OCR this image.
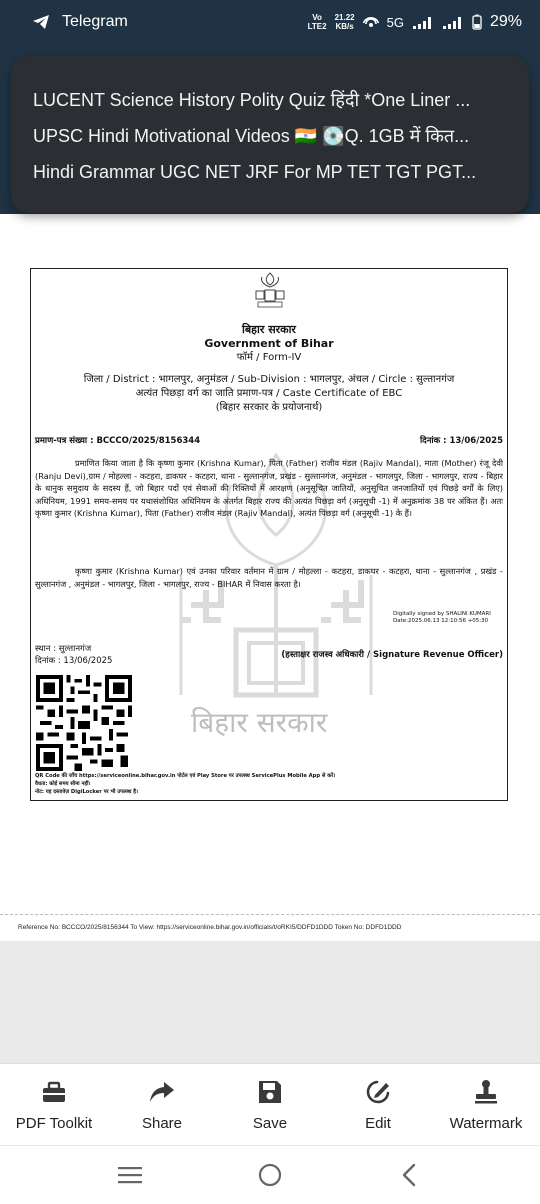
Telegram	Vo
LTE2
21.22
KB/s	5G	29%
LUCENT Science History Polity Quiz हिंदी *One Liner ...
UPSC Hindi Motivational Videos 🇮🇳 💽Q. 1GB में कित...
Hindi Grammar UGC NET JRF For MP TET TGT PGT...
बिहार सरकार
Government of Bihar
फॉर्म / Form-IV
जिला / District : भागलपुर, अनुमंडल / Sub-Division : भागलपुर, अंचल / Circle : सुल्तानगंज
अत्यंत पिछड़ा वर्ग का जाति प्रमाण-पत्र / Caste Certificate of EBC
(बिहार सरकार के प्रयोजनार्थ)
प्रमाण-पत्र संख्या : BCCCO/2025/8156344	दिनांक : 13/06/2025
बिहार सरकार
प्रमाणित किया जाता है कि कृष्णा कुमार (Krishna Kumar), पिता (Father) राजीव मंडल (Rajiv Mandal), माता (Mother) रंजू देवी (Ranju Devi),ग्राम / मोहल्ला - कटहरा, डाकघर - कटहरा, थाना - सुल्तानगंज, प्रखंड - सुल्तानगंज, अनुमंडल - भागलपुर, जिला - भागलपुर, राज्य - बिहार के धानुक समुदाय के सदस्य हैं, जो बिहार पदों एवं सेवाओं की रिक्तियों में आरक्षण (अनुसूचित जातियों, अनुसूचित जनजातियों एवं पिछड़े वर्गों के लिए) अधिनियम, 1991 समय-समय पर यथासंशोधित अधिनियम के अंतर्गत बिहार राज्य की अत्यंत पिछड़ा वर्ग (अनुसूची -1) में अनुक्रमांक 38 पर अंकित हैं। अतः कृष्णा कुमार (Krishna Kumar), पिता (Father) राजीव मंडल (Rajiv Mandal), अत्यंत पिछड़ा वर्ग (अनुसूची -1) के हैं।
कृष्णा कुमार (Krishna Kumar) एवं उनका परिवार वर्तमान में ग्राम / मोहल्ला - कटहरा, डाकघर - कटहरा, थाना - सुल्तानगंज , प्रखंड - सुल्तानगंज , अनुमंडल - भागलपुर, जिला - भागलपुर, राज्य - BIHAR में निवास करता है।
Digitally signed by SHALINI KUMARI
Date:2025.06.13 12:10:56 +05:30
स्थान : सुल्तानगंज
दिनांक : 13/06/2025
(हस्ताक्षर राजस्व अधिकारी / Signature Revenue Officer)
QR Code की जाँच https://serviceonline.bihar.gov.in पोर्टल एवं Play Store पर उपलब्ध ServicePlus Mobile App से करें।
वैधता: कोई समय सीमा नहीं।
नोट: यह दस्तावेज़ DigiLocker पर भी उपलब्ध है।
Reference No: BCCCO/2025/8156344 To View: https://serviceonline.bihar.gov.in/officials/t/oRKI5/DDFD1DDD Token No: DDFD1DDD
PDF Toolkit	Share	Save	Edit	Watermark
